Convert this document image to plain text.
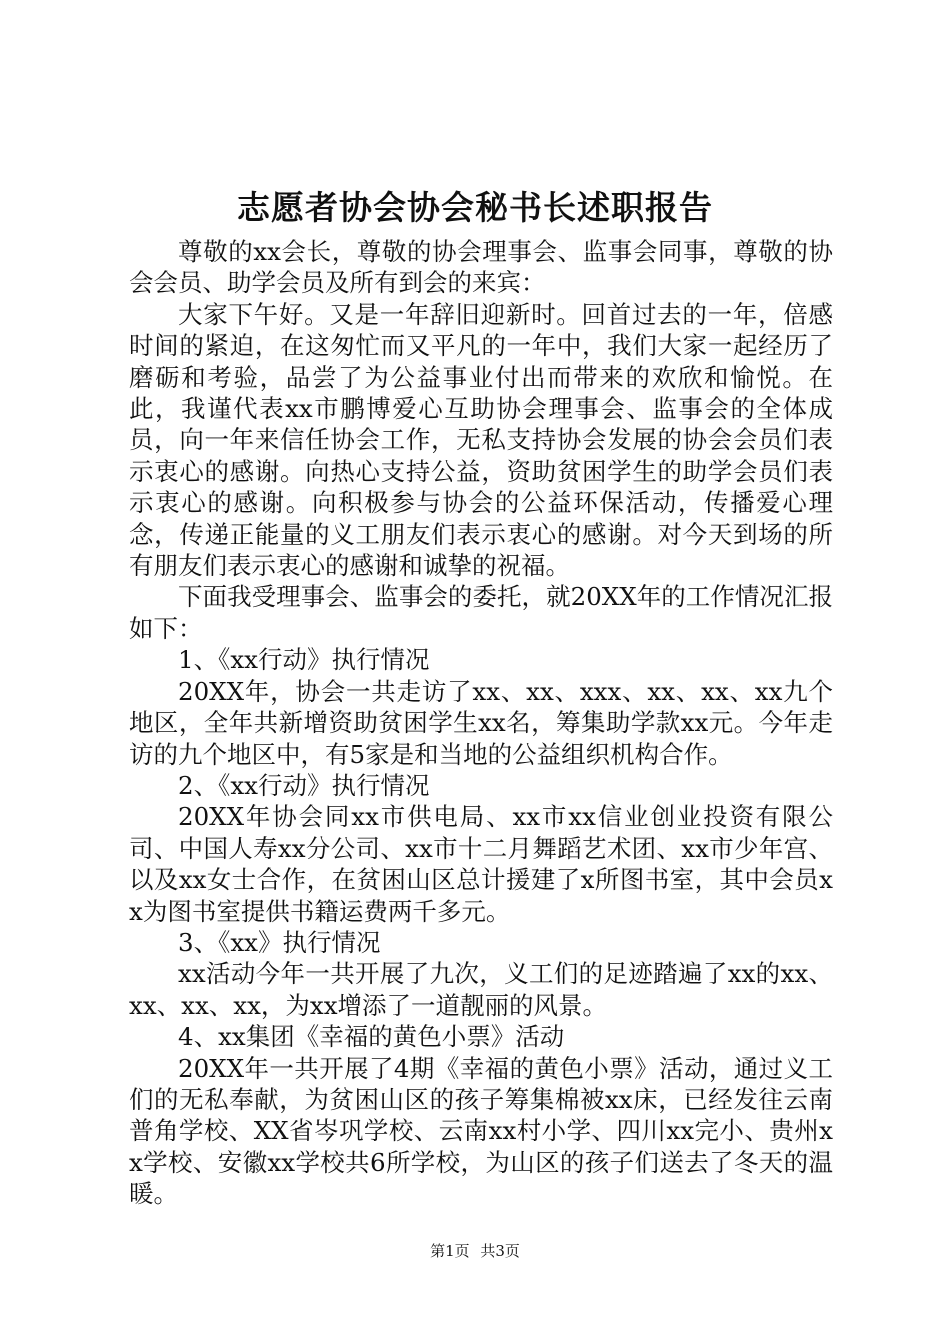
志愿者协会协会秘书长述职报告

尊敬的xx会长，尊敬的协会理事会、监事会同事，尊敬的协会会员、助学会员及所有到会的来宾：

大家下午好。又是一年辞旧迎新时。回首过去的一年，倍感时间的紧迫，在这匆忙而又平凡的一年中，我们大家一起经历了磨砺和考验，品尝了为公益事业付出而带来的欢欣和愉悦。在此，我谨代表xx市鹏博爱心互助协会理事会、监事会的全体成员，向一年来信任协会工作，无私支持协会发展的协会会员们表示衷心的感谢。向热心支持公益，资助贫困学生的助学会员们表示衷心的感谢。向积极参与协会的公益环保活动，传播爱心理念，传递正能量的义工朋友们表示衷心的感谢。对今天到场的所有朋友们表示衷心的感谢和诚挚的祝福。

下面我受理事会、监事会的委托，就20XX年的工作情况汇报如下：

1、《xx行动》执行情况

20XX年，协会一共走访了xx、xx、xxx、xx、xx、xx九个地区，全年共新增资助贫困学生xx名，筹集助学款xx元。今年走访的九个地区中，有5家是和当地的公益组织机构合作。

2、《xx行动》执行情况

20XX年协会同xx市供电局、xx市xx信业创业投资有限公司、中国人寿xx分公司、xx市十二月舞蹈艺术团、xx市少年宫、以及xx女士合作，在贫困山区总计援建了x所图书室，其中会员xx为图书室提供书籍运费两千多元。

3、《xx》执行情况

xx活动今年一共开展了九次，义工们的足迹踏遍了xx的xx、xx、xx、xx，为xx增添了一道靓丽的风景。

4、xx集团《幸福的黄色小票》活动

20XX年一共开展了4期《幸福的黄色小票》活动，通过义工们的无私奉献，为贫困山区的孩子筹集棉被xx床，已经发往云南普角学校、XX省岑巩学校、云南xx村小学、四川xx完小、贵州xx学校、安徽xx学校共6所学校，为山区的孩子们送去了冬天的温暖。

第1页 共3页
